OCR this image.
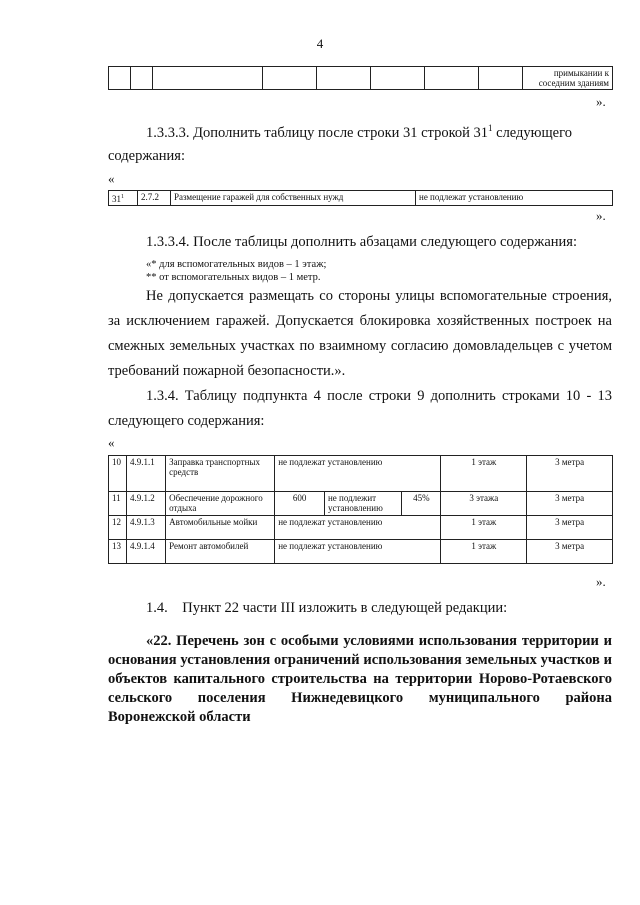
4
								примыкании к соседним зданиям
».
1.3.3.3. Дополнить таблицу после строки 31 строкой $31^1$ следующего
содержания:
«
$31^1$	2.7.2	Размещение гаражей для собственных нужд	не подлежат установлению
».
1.3.3.4. После таблицы дополнить абзацами следующего содержания:
«* для вспомогательных видов – 1 этаж;
** от вспомогательных видов – 1 метр.
Не допускается размещать со стороны улицы вспомогательные строения, за исключением гаражей. Допускается блокировка хозяйственных построек на смежных земельных участках по взаимному согласию домовладельцев с учетом требований пожарной безопасности.».
1.3.4. Таблицу подпункта 4 после строки 9 дополнить строками 10 - 13 следующего содержания:
«
10	4.9.1.1	Заправка транспортных средств	не подлежат установлению			1 этаж	3 метра
11	4.9.1.2	Обеспечение дорожного отдыха	600	не подлежит установлению	45%	3 этажа	3 метра
12	4.9.1.3	Автомобильные мойки	не подлежат установлению			1 этаж	3 метра
13	4.9.1.4	Ремонт автомобилей	не подлежат установлению			1 этаж	3 метра
».
1.4.    Пункт 22 части III изложить в следующей редакции:
«22. Перечень зон с особыми условиями использования территории и основания установления ограничений использования земельных участков и объектов капитального строительства на территории Норово-Ротаевского сельского поселения Нижнедевицкого муниципального района Воронежской области
